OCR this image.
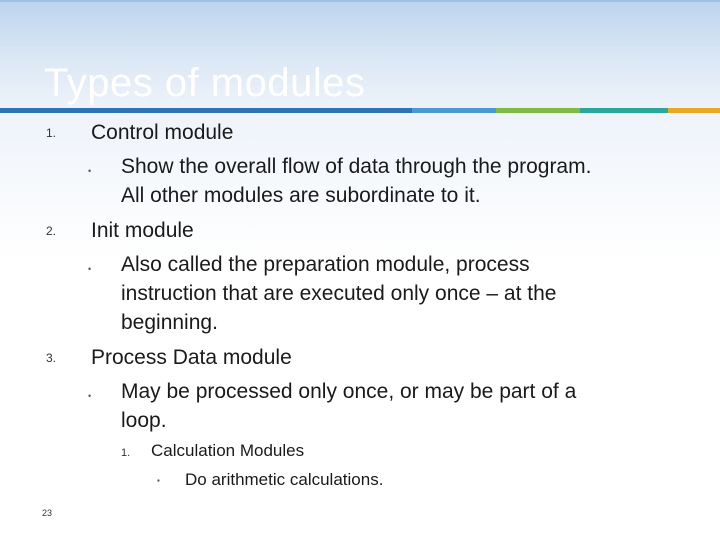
Types of modules
1. Control module
• Show the overall flow of data through the program.
All other modules are subordinate to it.
2. Init module
• Also called the preparation module, process
instruction that are executed only once – at the
beginning.
3. Process Data module
• May be processed only once, or may be part of a
loop.
1. Calculation Modules
▪ Do arithmetic calculations.
23
